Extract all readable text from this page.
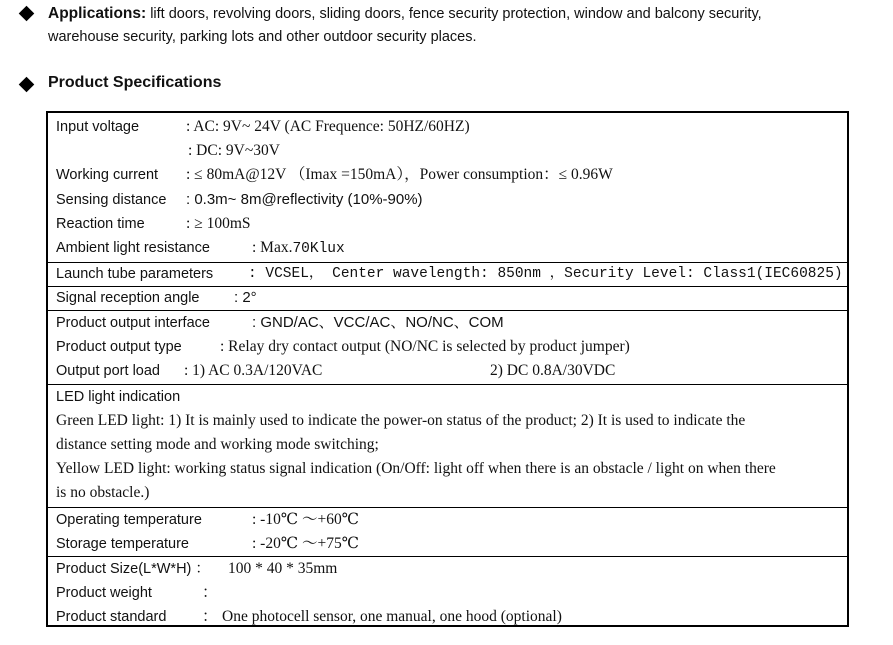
Applications: lift doors, revolving doors, sliding doors, fence security protection, window and balcony security,
warehouse security, parking lots and other outdoor security places.
Product Specifications
Input voltage	: AC: 9V~ 24V (AC Frequence: 50HZ/60HZ)
: DC: 9V~30V
Working current : ≤ 80mA@12V （Imax =150mA），Power consumption：≤ 0.96W
Sensing distance : 0.3m~ 8m@reflectivity (10%-90%)
Reaction time	: ≥ 100mS
Ambient light resistance	: Max.70Klux
Launch tube parameters : VCSEL， Center wavelength: 850nm ，Security Level: Class1(IEC60825)
Signal reception angle : 2°
Product output interface	: GND/AC、VCC/AC、NO/NC、COM
Product output type : Relay dry contact output (NO/NC is selected by product jumper)
Output port load : 1) AC 0.3A/120VAC	2) DC 0.8A/30VDC
LED light indication
Green LED light: 1) It is mainly used to indicate the power-on status of the product; 2) It is used to indicate the
distance setting mode and working mode switching;
Yellow LED light: working status signal indication (On/Off: light off when there is an obstacle / light on when there
is no obstacle.)
Operating temperature	: -10℃ ～+60℃
Storage temperature	: -20℃ ～+75℃
Product Size(L*W*H) ： 100 * 40 * 35mm
Product weight	：
Product standard ： One photocell sensor, one manual, one hood (optional)
